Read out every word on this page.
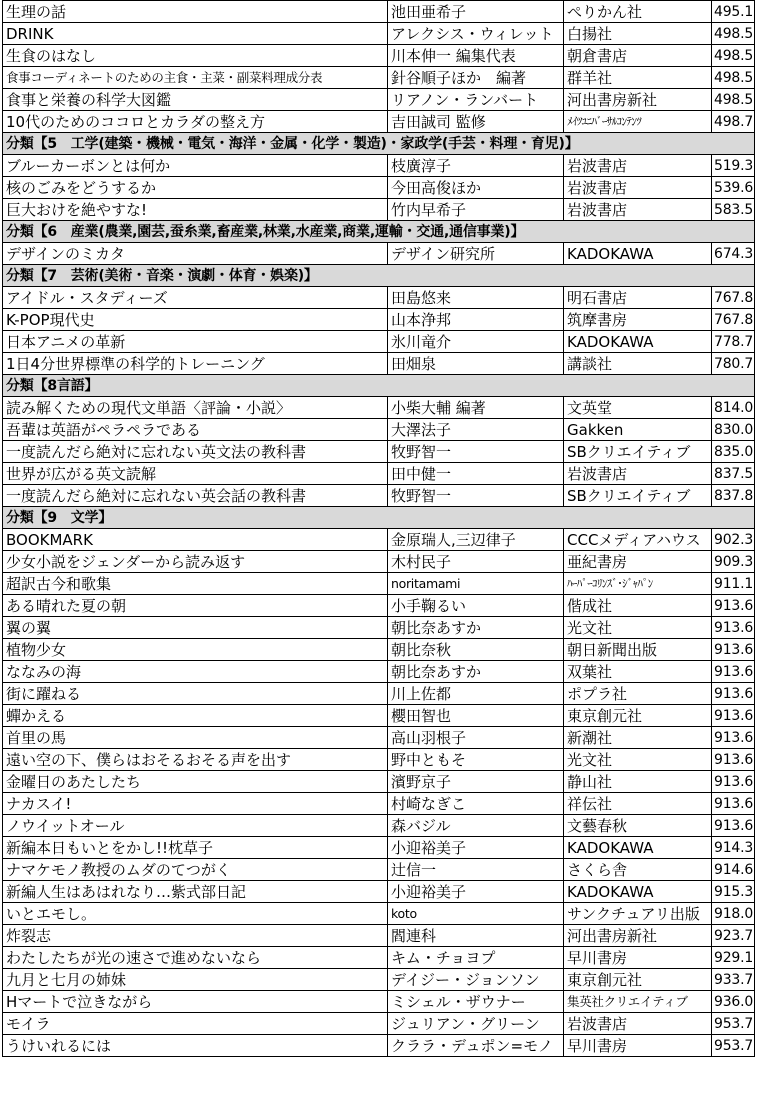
生理の話	池田亜希子	ぺりかん社	495.1
DRINK	アレクシス・ウィレット	白揚社	498.5
生食のはなし	川本伸一 編集代表	朝倉書店	498.5
食事コーディネートのための主食・主菜・副菜料理成分表	針谷順子ほか　編著	群羊社	498.5
食事と栄養の科学大図鑑	リアノン・ランバート	河出書房新社	498.5
10代のためのココロとカラダの整え方	吉田誠司 監修	ﾒｲﾂﾕﾆﾊﾞｰｻﾙｺﾝﾃﾝﾂ	498.7
分類【5　工学(建築・機械・電気・海洋・金属・化学・製造)・家政学(手芸・料理・育児)】			
ブルーカーボンとは何か	枝廣淳子	岩波書店	519.3
核のごみをどうするか	今田高俊ほか	岩波書店	539.6
巨大おけを絶やすな!	竹内早希子	岩波書店	583.5
分類【6　産業(農業,園芸,蚕糸業,畜産業,林業,水産業,商業,運輸・交通,通信事業)】			
デザインのミカタ	デザイン研究所	KADOKAWA	674.3
分類【7　芸術(美術・音楽・演劇・体育・娯楽)】			
アイドル・スタディーズ	田島悠来	明石書店	767.8
K-POP現代史	山本浄邦	筑摩書房	767.8
日本アニメの革新	氷川竜介	KADOKAWA	778.7
1日4分世界標準の科学的トレーニング	田畑泉	講談社	780.7
分類【8言語】			
読み解くための現代文単語〈評論・小説〉	小柴大輔 編著	文英堂	814.0
吾輩は英語がペラペラである	大澤法子	Gakken	830.0
一度読んだら絶対に忘れない英文法の教科書	牧野智一	SBクリエイティブ	835.0
世界が広がる英文読解	田中健一	岩波書店	837.5
一度読んだら絶対に忘れない英会話の教科書	牧野智一	SBクリエイティブ	837.8
分類【9　文学】			
BOOKMARK	金原瑞人,三辺律子	CCCメディアハウス	902.3
少女小説をジェンダーから読み返す	木村民子	亜紀書房	909.3
超訳古今和歌集	noritamami	ﾊｰﾊﾟｰｺﾘﾝｽﾞ･ｼﾞｬﾊﾟﾝ	911.1
ある晴れた夏の朝	小手鞠るい	偕成社	913.6
翼の翼	朝比奈あすか	光文社	913.6
植物少女	朝比奈秋	朝日新聞出版	913.6
ななみの海	朝比奈あすか	双葉社	913.6
街に躍ねる	川上佐都	ポプラ社	913.6
蟬かえる	櫻田智也	東京創元社	913.6
首里の馬	高山羽根子	新潮社	913.6
遠い空の下、僕らはおそるおそる声を出す	野中ともそ	光文社	913.6
金曜日のあたしたち	濱野京子	静山社	913.6
ナカスイ!	村崎なぎこ	祥伝社	913.6
ノウイットオール	森バジル	文藝春秋	913.6
新編本日もいとをかし!!枕草子	小迎裕美子	KADOKAWA	914.3
ナマケモノ教授のムダのてつがく	辻信一	さくら舎	914.6
新編人生はあはれなり…紫式部日記	小迎裕美子	KADOKAWA	915.3
いとエモし。	koto	サンクチュアリ出版	918.0
炸裂志	閻連科	河出書房新社	923.7
わたしたちが光の速さで進めないなら	キム・チョヨプ	早川書房	929.1
九月と七月の姉妹	デイジー・ジョンソン	東京創元社	933.7
Hマートで泣きながら	ミシェル・ザウナー	集英社クリエイティブ	936.0
モイラ	ジュリアン・グリーン	岩波書店	953.7
うけいれるには	クララ・デュポン=モノ	早川書房	953.7
